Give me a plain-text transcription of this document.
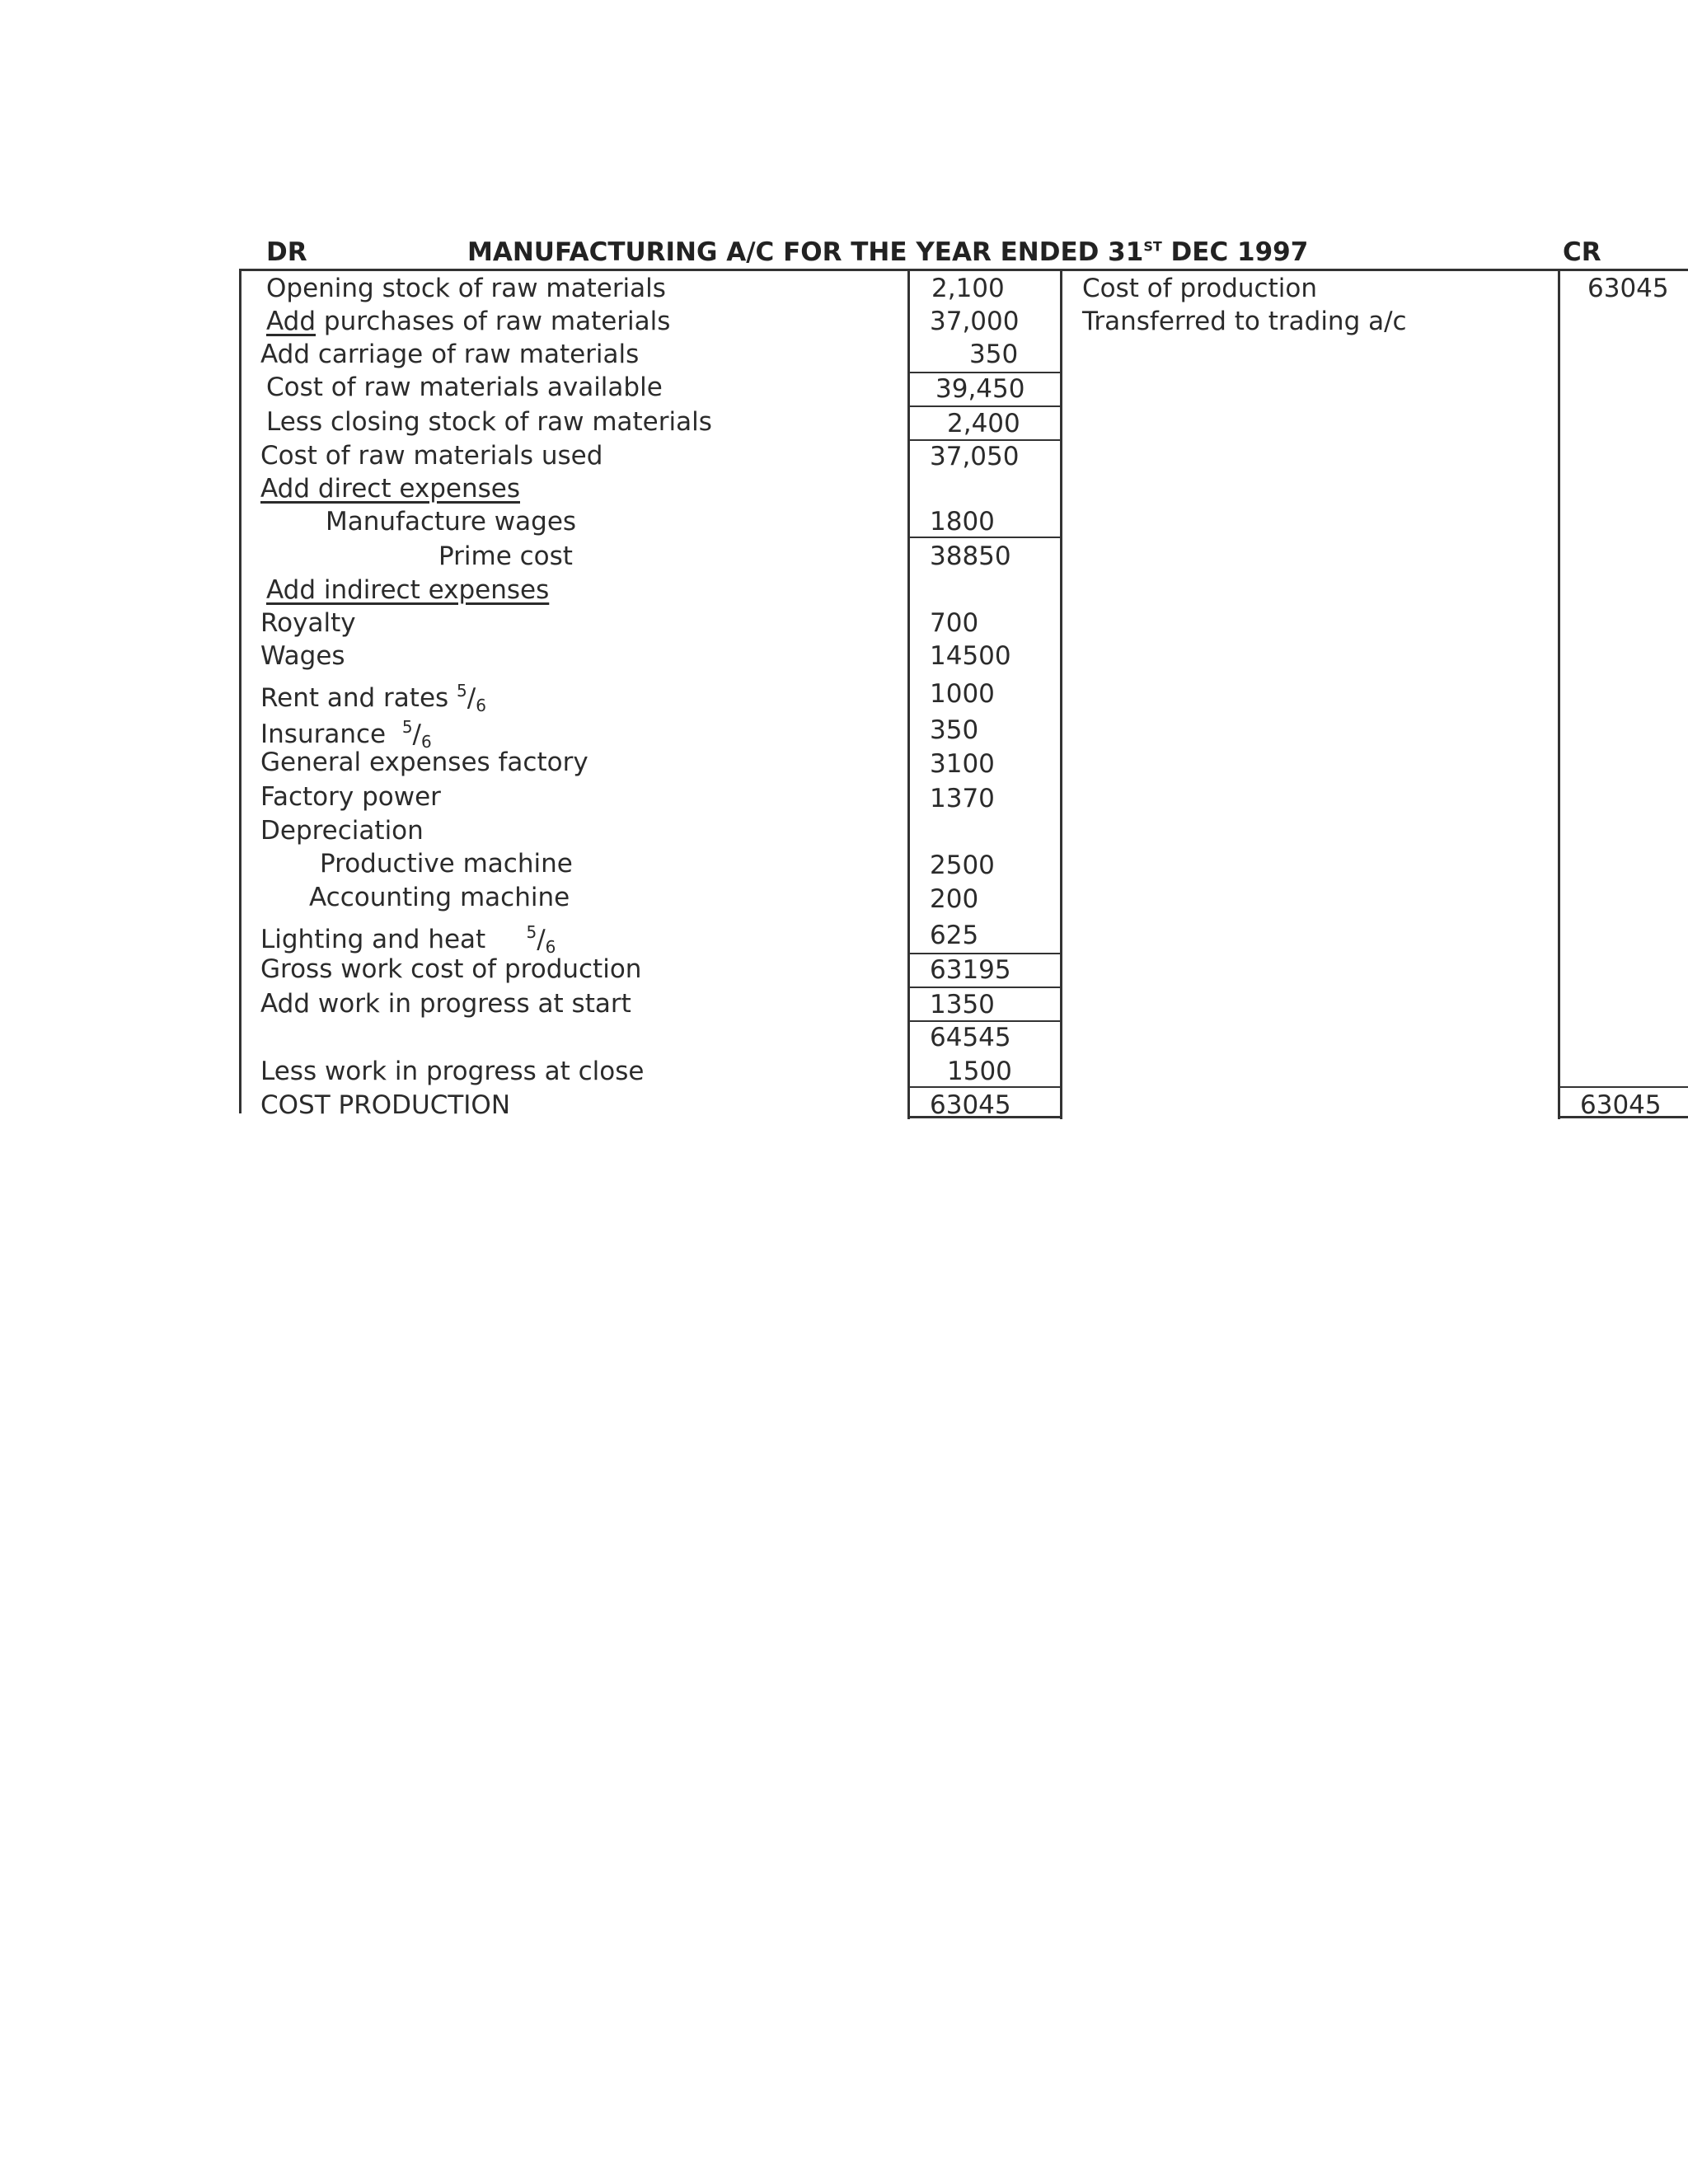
DR	MANUFACTURING A/C FOR THE YEAR ENDED 31ST DEC 1997	CR
Opening stock of raw materials
Add purchases of raw materials
Add carriage of raw materials
Cost of raw materials available
Less closing stock of raw materials
Cost of raw materials used
Add direct expenses
Manufacture wages
Prime cost
Add indirect expenses
Royalty
Wages
Rent and rates $^5/_6$
Insurance $^5/_6$
General expenses factory
Factory power
Depreciation
Productive machine
Accounting machine
Lighting and heat $^5/_6$
Gross work cost of production
Add work in progress at start
Less work in progress at close
COST PRODUCTION
2,100
37,000
350
39,450
2,400
37,050
1800
38850
700
14500
1000
350
3100
1370
2500
200
625
63195
1350
64545
1500
63045
Cost of production
Transferred to trading a/c
63045
63045
